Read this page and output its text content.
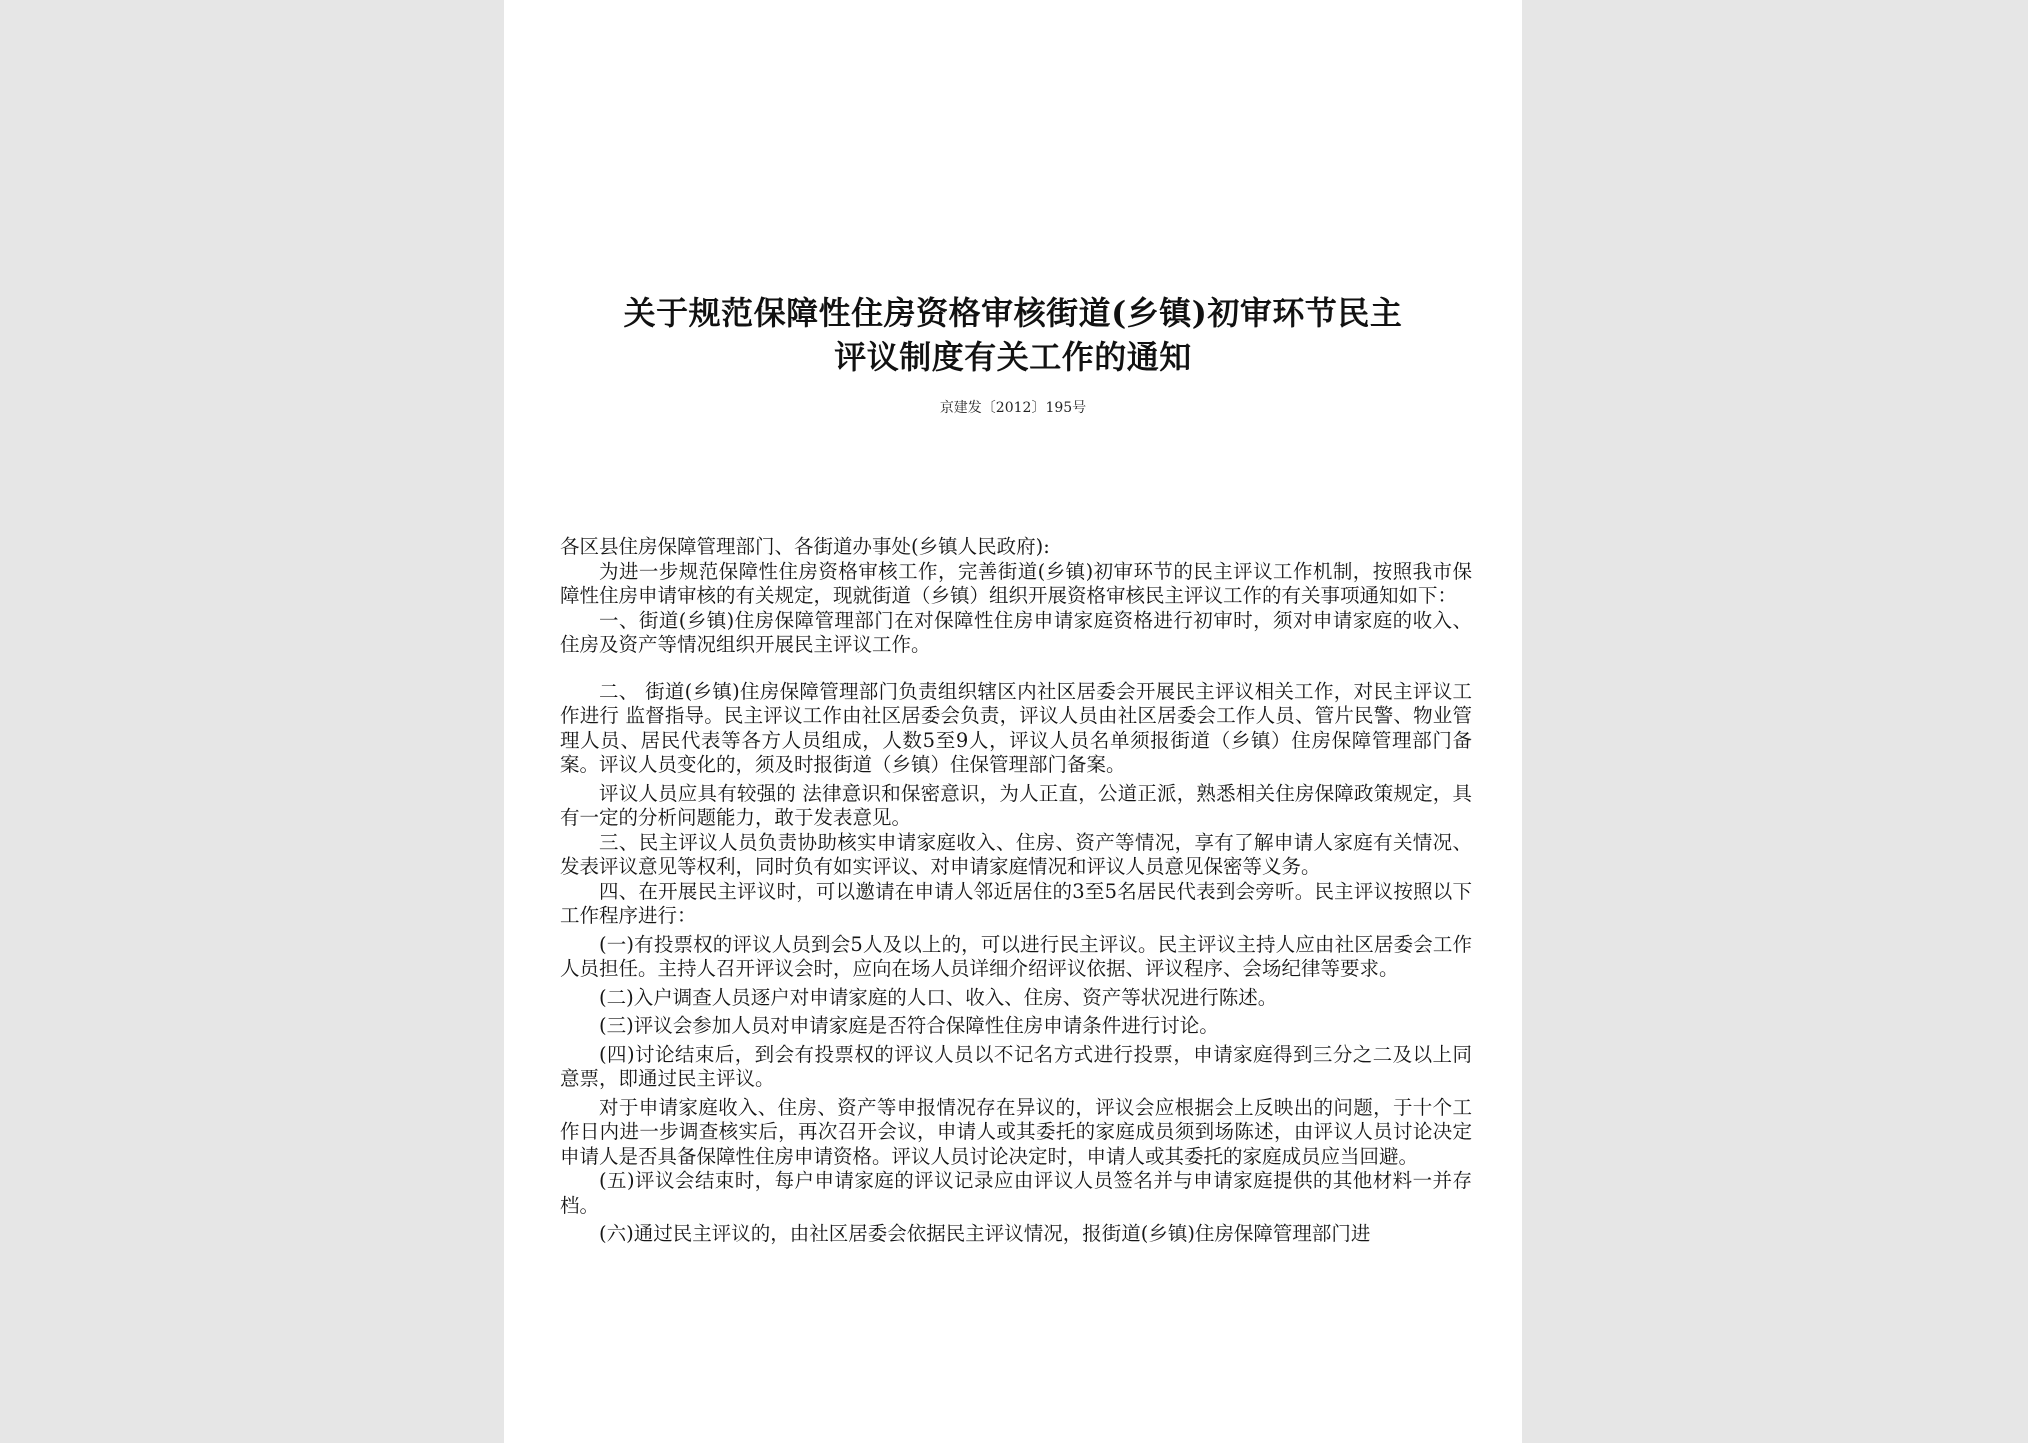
关于规范保障性住房资格审核街道(乡镇)初审环节民主
评议制度有关工作的通知
京建发〔2012〕195号

各区县住房保障管理部门、各街道办事处(乡镇人民政府):

为进一步规范保障性住房资格审核工作，完善街道(乡镇)初审环节的民主评议工作机制，按照我市保障性住房申请审核的有关规定，现就街道（乡镇）组织开展资格审核民主评议工作的有关事项通知如下：

一、街道(乡镇)住房保障管理部门在对保障性住房申请家庭资格进行初审时，须对申请家庭的收入、住房及资产等情况组织开展民主评议工作。

二、 街道(乡镇)住房保障管理部门负责组织辖区内社区居委会开展民主评议相关工作，对民主评议工作进行 监督指导。民主评议工作由社区居委会负责，评议人员由社区居委会工作人员、管片民警、物业管理人员、居民代表等各方人员组成，人数5至9人，评议人员名单须报街道（乡镇）住房保障管理部门备案。评议人员变化的，须及时报街道（乡镇）住保管理部门备案。

评议人员应具有较强的 法律意识和保密意识，为人正直，公道正派，熟悉相关住房保障政策规定，具有一定的分析问题能力，敢于发表意见。

三、民主评议人员负责协助核实申请家庭收入、住房、资产等情况，享有了解申请人家庭有关情况、发表评议意见等权利，同时负有如实评议、对申请家庭情况和评议人员意见保密等义务。

四、在开展民主评议时，可以邀请在申请人邻近居住的3至5名居民代表到会旁听。民主评议按照以下工作程序进行：

(一)有投票权的评议人员到会5人及以上的，可以进行民主评议。民主评议主持人应由社区居委会工作人员担任。主持人召开评议会时，应向在场人员详细介绍评议依据、评议程序、会场纪律等要求。

(二)入户调查人员逐户对申请家庭的人口、收入、住房、资产等状况进行陈述。

(三)评议会参加人员对申请家庭是否符合保障性住房申请条件进行讨论。

(四)讨论结束后，到会有投票权的评议人员以不记名方式进行投票，申请家庭得到三分之二及以上同意票，即通过民主评议。

对于申请家庭收入、住房、资产等申报情况存在异议的，评议会应根据会上反映出的问题，于十个工作日内进一步调查核实后，再次召开会议，申请人或其委托的家庭成员须到场陈述，由评议人员讨论决定申请人是否具备保障性住房申请资格。评议人员讨论决定时，申请人或其委托的家庭成员应当回避。

(五)评议会结束时，每户申请家庭的评议记录应由评议人员签名并与申请家庭提供的其他材料一并存档。

(六)通过民主评议的，由社区居委会依据民主评议情况，报街道(乡镇)住房保障管理部门进
